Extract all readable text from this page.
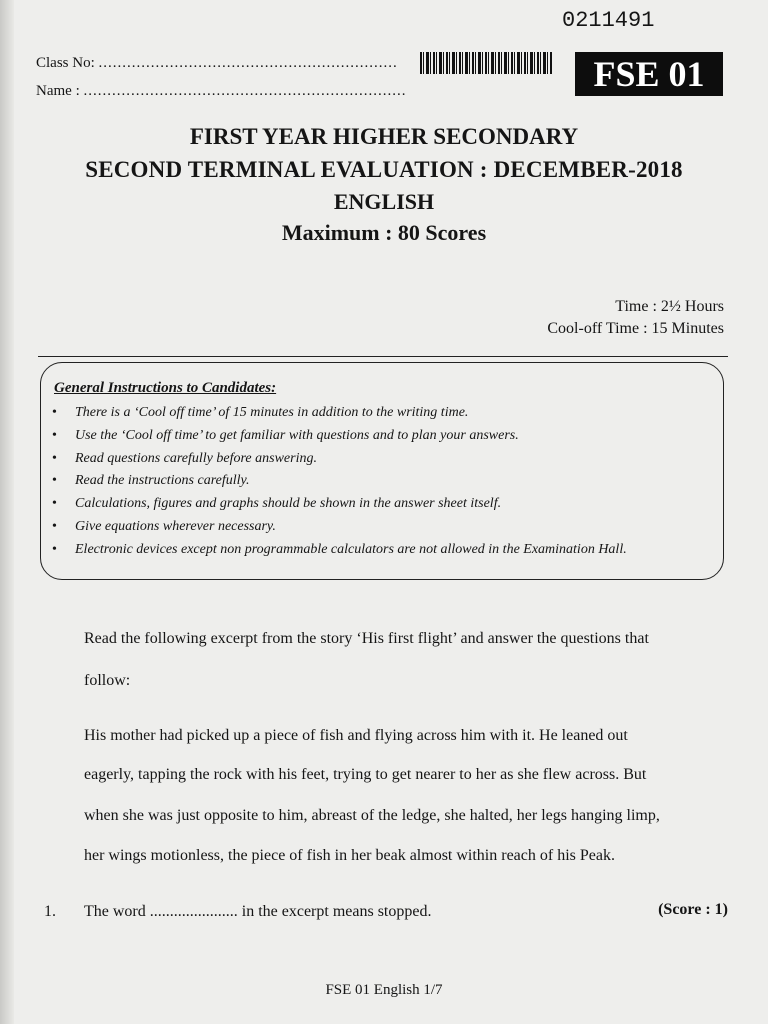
0211491
Class No: ...............................................................
Name : ....................................................................	FSE 01
FIRST YEAR HIGHER SECONDARY
SECOND TERMINAL EVALUATION : DECEMBER-2018
ENGLISH
Maximum : 80 Scores
Time : 2½ Hours
Cool-off Time : 15 Minutes
General Instructions to Candidates:
• There is a ‘Cool off time’ of 15 minutes in addition to the writing time.
• Use the ‘Cool off time’ to get familiar with questions and to plan your answers.
• Read questions carefully before answering.
• Read the instructions carefully.
• Calculations, figures and graphs should be shown in the answer sheet itself.
• Give equations wherever necessary.
• Electronic devices except non programmable calculators are not allowed in the Examination Hall.
Read the following excerpt from the story ‘His first flight’ and answer the questions that
follow:
His mother had picked up a piece of fish and flying across him with it. He leaned out
eagerly, tapping the rock with his feet, trying to get nearer to her as she flew across. But
when she was just opposite to him, abreast of the ledge, she halted, her legs hanging limp,
her wings motionless, the piece of fish in her beak almost within reach of his Peak.
1. The word ...................... in the excerpt means stopped.	(Score : 1)
FSE 01 English 1/7
